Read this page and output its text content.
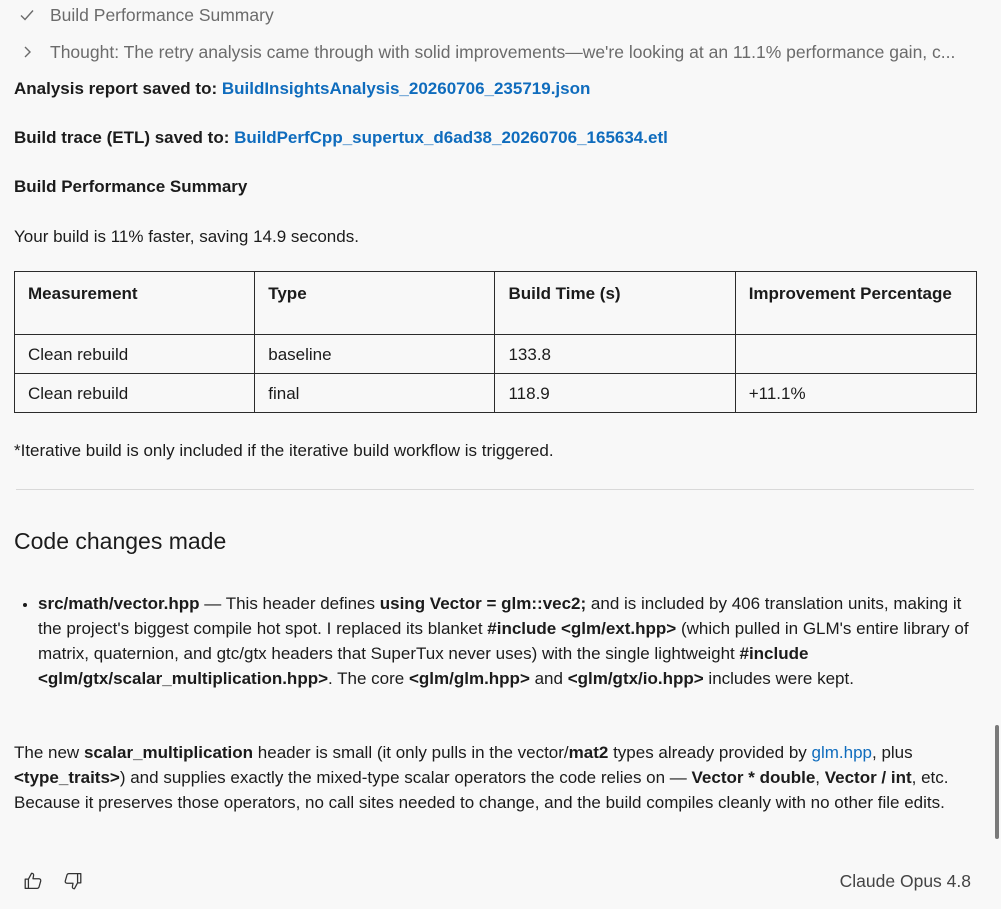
Build Performance Summary
Thought: The retry analysis came through with solid improvements—we're looking at an 11.1% performance gain, c...

Analysis report saved to: BuildInsightsAnalysis_20260706_235719.json

Build trace (ETL) saved to: BuildPerfCpp_supertux_d6ad38_20260706_165634.etl

Build Performance Summary

Your build is 11% faster, saving 14.9 seconds.

Measurement	Type	Build Time (s)	Improvement Percentage
Clean rebuild	baseline	133.8	
Clean rebuild	final	118.9	+11.1%

*Iterative build is only included if the iterative build workflow is triggered.

Code changes made
• src/math/vector.hpp — This header defines using Vector = glm::vec2; and is included by 406 translation units, making it the project's biggest compile hot spot. I replaced its blanket #include <glm/ext.hpp> (which pulled in GLM's entire library of matrix, quaternion, and gtc/gtx headers that SuperTux never uses) with the single lightweight #include <glm/gtx/scalar_multiplication.hpp>. The core <glm/glm.hpp> and <glm/gtx/io.hpp> includes were kept.

The new scalar_multiplication header is small (it only pulls in the vector/mat2 types already provided by glm.hpp, plus <type_traits>) and supplies exactly the mixed-type scalar operators the code relies on — Vector * double, Vector / int, etc. Because it preserves those operators, no call sites needed to change, and the build compiles cleanly with no other file edits.

Claude Opus 4.8
